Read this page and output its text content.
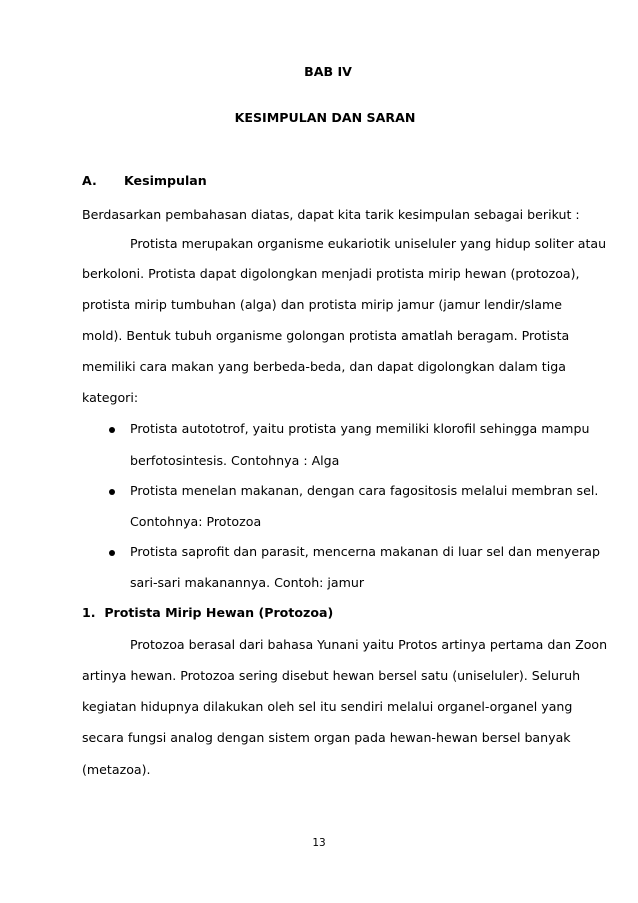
BAB IV
KESIMPULAN DAN SARAN
A. Kesimpulan
Berdasarkan pembahasan diatas, dapat kita tarik kesimpulan sebagai berikut :
Protista merupakan organisme eukariotik uniseluler yang hidup soliter atau
berkoloni. Protista dapat digolongkan menjadi protista mirip hewan (protozoa),
protista mirip tumbuhan (alga) dan protista mirip jamur (jamur lendir/slame
mold). Bentuk tubuh organisme golongan protista amatlah beragam. Protista
memiliki cara makan yang berbeda-beda, dan dapat digolongkan dalam tiga
kategori:
Protista autototrof, yaitu protista yang memiliki klorofil sehingga mampu
berfotosintesis. Contohnya : Alga
Protista menelan makanan, dengan cara fagositosis melalui membran sel.
Contohnya: Protozoa
Protista saprofit dan parasit, mencerna makanan di luar sel dan menyerap
sari-sari makanannya. Contoh: jamur
1.  Protista Mirip Hewan (Protozoa)
Protozoa berasal dari bahasa Yunani yaitu Protos artinya pertama dan Zoon
artinya hewan. Protozoa sering disebut hewan bersel satu (uniseluler). Seluruh
kegiatan hidupnya dilakukan oleh sel itu sendiri melalui organel-organel yang
secara fungsi analog dengan sistem organ pada hewan-hewan bersel banyak
(metazoa).
13
